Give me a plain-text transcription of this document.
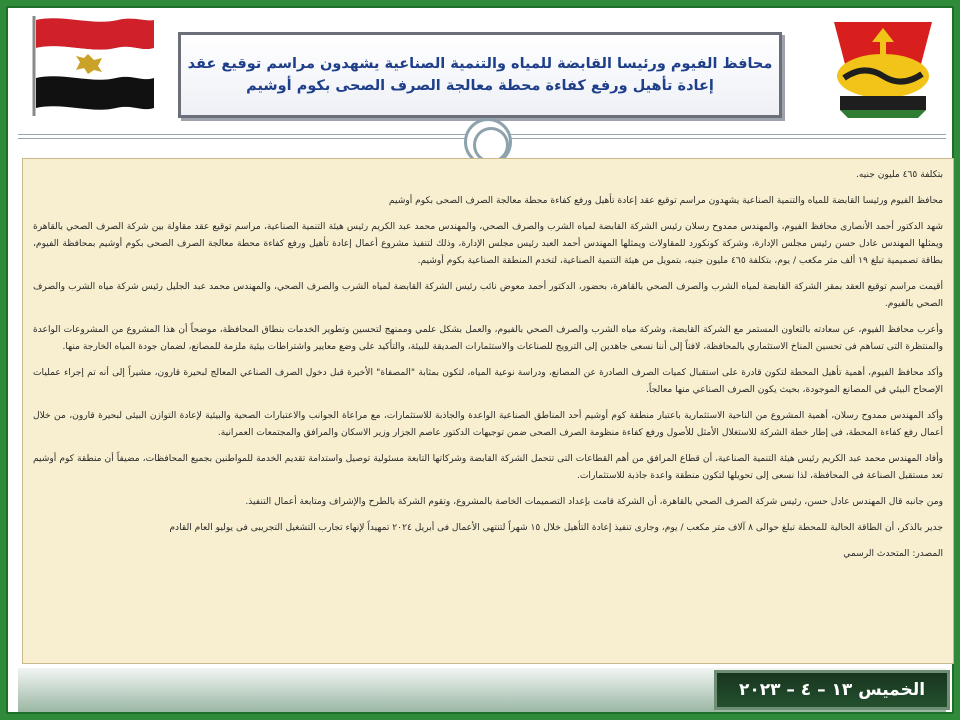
محافظ الفيوم ورئيسا القابضة للمياه والتنمية الصناعية يشهدون مراسم توقيع عقد
إعادة تأهيل ورفع كفاءة محطة معالجة الصرف الصحى بكوم أوشيم

بتكلفة ٤٦٥ مليون جنيه.

محافظ الفيوم ورئيسا القابضة للمياه والتنمية الصناعية يشهدون مراسم توقيع عقد إعادة تأهيل ورفع كفاءة محطة معالجة الصرف الصحى بكوم أوشيم

شهد الدكتور أحمد الأنصارى محافظ الفيوم، والمهندس ممدوح رسلان رئيس الشركة القابضة لمياه الشرب والصرف الصحي، والمهندس محمد عبد الكريم رئيس هيئة التنمية الصناعية، مراسم توقيع عقد مقاولة بين شركة الصرف الصحي بالقاهرة ويمثلها المهندس عادل حسن رئيس مجلس الإدارة، وشركة كونكورد للمقاولات ويمثلها المهندس أحمد العبد رئيس مجلس الإدارة، وذلك لتنفيذ مشروع أعمال إعادة تأهيل ورفع كفاءة محطة معالجة الصرف الصحى بكوم أوشيم بمحافظة الفيوم، بطاقة تصميمية تبلغ ١٩ ألف متر مكعب / يوم، بتكلفة ٤٦٥ مليون جنيه، بتمويل من هيئة التنمية الصناعية، لتخدم المنطقة الصناعية بكوم أوشيم.

أقيمت مراسم توقيع العقد بمقر الشركة القابضة لمياه الشرب والصرف الصحي بالقاهرة، بحضور، الدكتور أحمد معوض نائب رئيس الشركة القابضة لمياه الشرب والصرف الصحي، والمهندس محمد عبد الجليل رئيس شركة مياه الشرب والصرف الصحي بالفيوم.

وأعرب محافظ الفيوم، عن سعادته بالتعاون المستمر مع الشركة القابضة، وشركة مياه الشرب والصرف الصحي بالفيوم، والعمل بشكل علمي وممنهج لتحسين وتطوير الخدمات بنطاق المحافظة، موضحاً أن هذا المشروع من المشروعات الواعدة والمنتظرة التى تساهم فى تحسين المناخ الاستثماري بالمحافظة، لافتاً إلى أننا نسعى جاهدين إلى الترويج للصناعات والاستثمارات الصديقة للبيئة، والتأكيد على وضع معايير واشتراطات بيئية ملزمة للمصانع، لضمان جودة المياه الخارجة منها.

وأكد محافظ الفيوم، أهمية تأهيل المحطة لتكون قادرة على استقبال كميات الصرف الصادرة عن المصانع، ودراسة نوعية المياه، لتكون بمثابة "المصفاة" الأخيرة قبل دخول الصرف الصناعي المعالج لبحيرة قارون، مشيراً إلى أنه تم إجراء عمليات الإصحاح البيئي في المصانع الموجودة، بحيث يكون الصرف الصناعي منها معالجاً.

وأكد المهندس ممدوح رسلان، أهمية المشروع من الناحية الاستثمارية باعتبار منطقة كوم أوشيم أحد المناطق الصناعية الواعدة والجاذبة للاستثمارات، مع مراعاة الجوانب والاعتبارات الصحية والبيئية لإعادة التوازن البيئى لبحيرة قارون، من خلال أعمال رفع كفاءة المحطة، فى إطار خطة الشركة للاستغلال الأمثل للأصول ورفع كفاءة منظومة الصرف الصحى ضمن توجيهات الدكتور عاصم الجزار وزير الاسكان والمرافق والمجتمعات العمرانية.

وأفاد المهندس محمد عبد الكريم رئيس هيئة التنمية الصناعية، أن قطاع المرافق من أهم القطاعات التى تتحمل الشركة القابضة وشركاتها التابعة مسئولية توصيل واستدامة تقديم الخدمة للمواطنين بجميع المحافظات، مضيفاً أن منطقة كوم أوشيم تعد مستقبل الصناعة فى المحافظة، لذا نسعى إلى تحويلها لتكون منطقة واعدة جاذبة للاستثمارات.

ومن جانبه قال المهندس عادل حسن، رئيس شركة الصرف الصحي بالقاهرة، أن الشركة قامت بإعداد التصميمات الخاصة بالمشروع، وتقوم الشركة بالطرح والإشراف ومتابعة أعمال التنفيذ.

جدير بالذكر، أن الطاقة الحالية للمحطة تبلغ حوالى ٨ آلاف متر مكعب / يوم، وجارى تنفيذ إعادة التأهيل خلال ١٥ شهراً لتنتهى الأعمال فى أبريل ٢٠٢٤ تمهيداً لإنهاء تجارب التشغيل التجريبى فى يوليو العام القادم

المصدر: المتحدث الرسمي

الخميس ١٣ – ٤ – ٢٠٢٣
